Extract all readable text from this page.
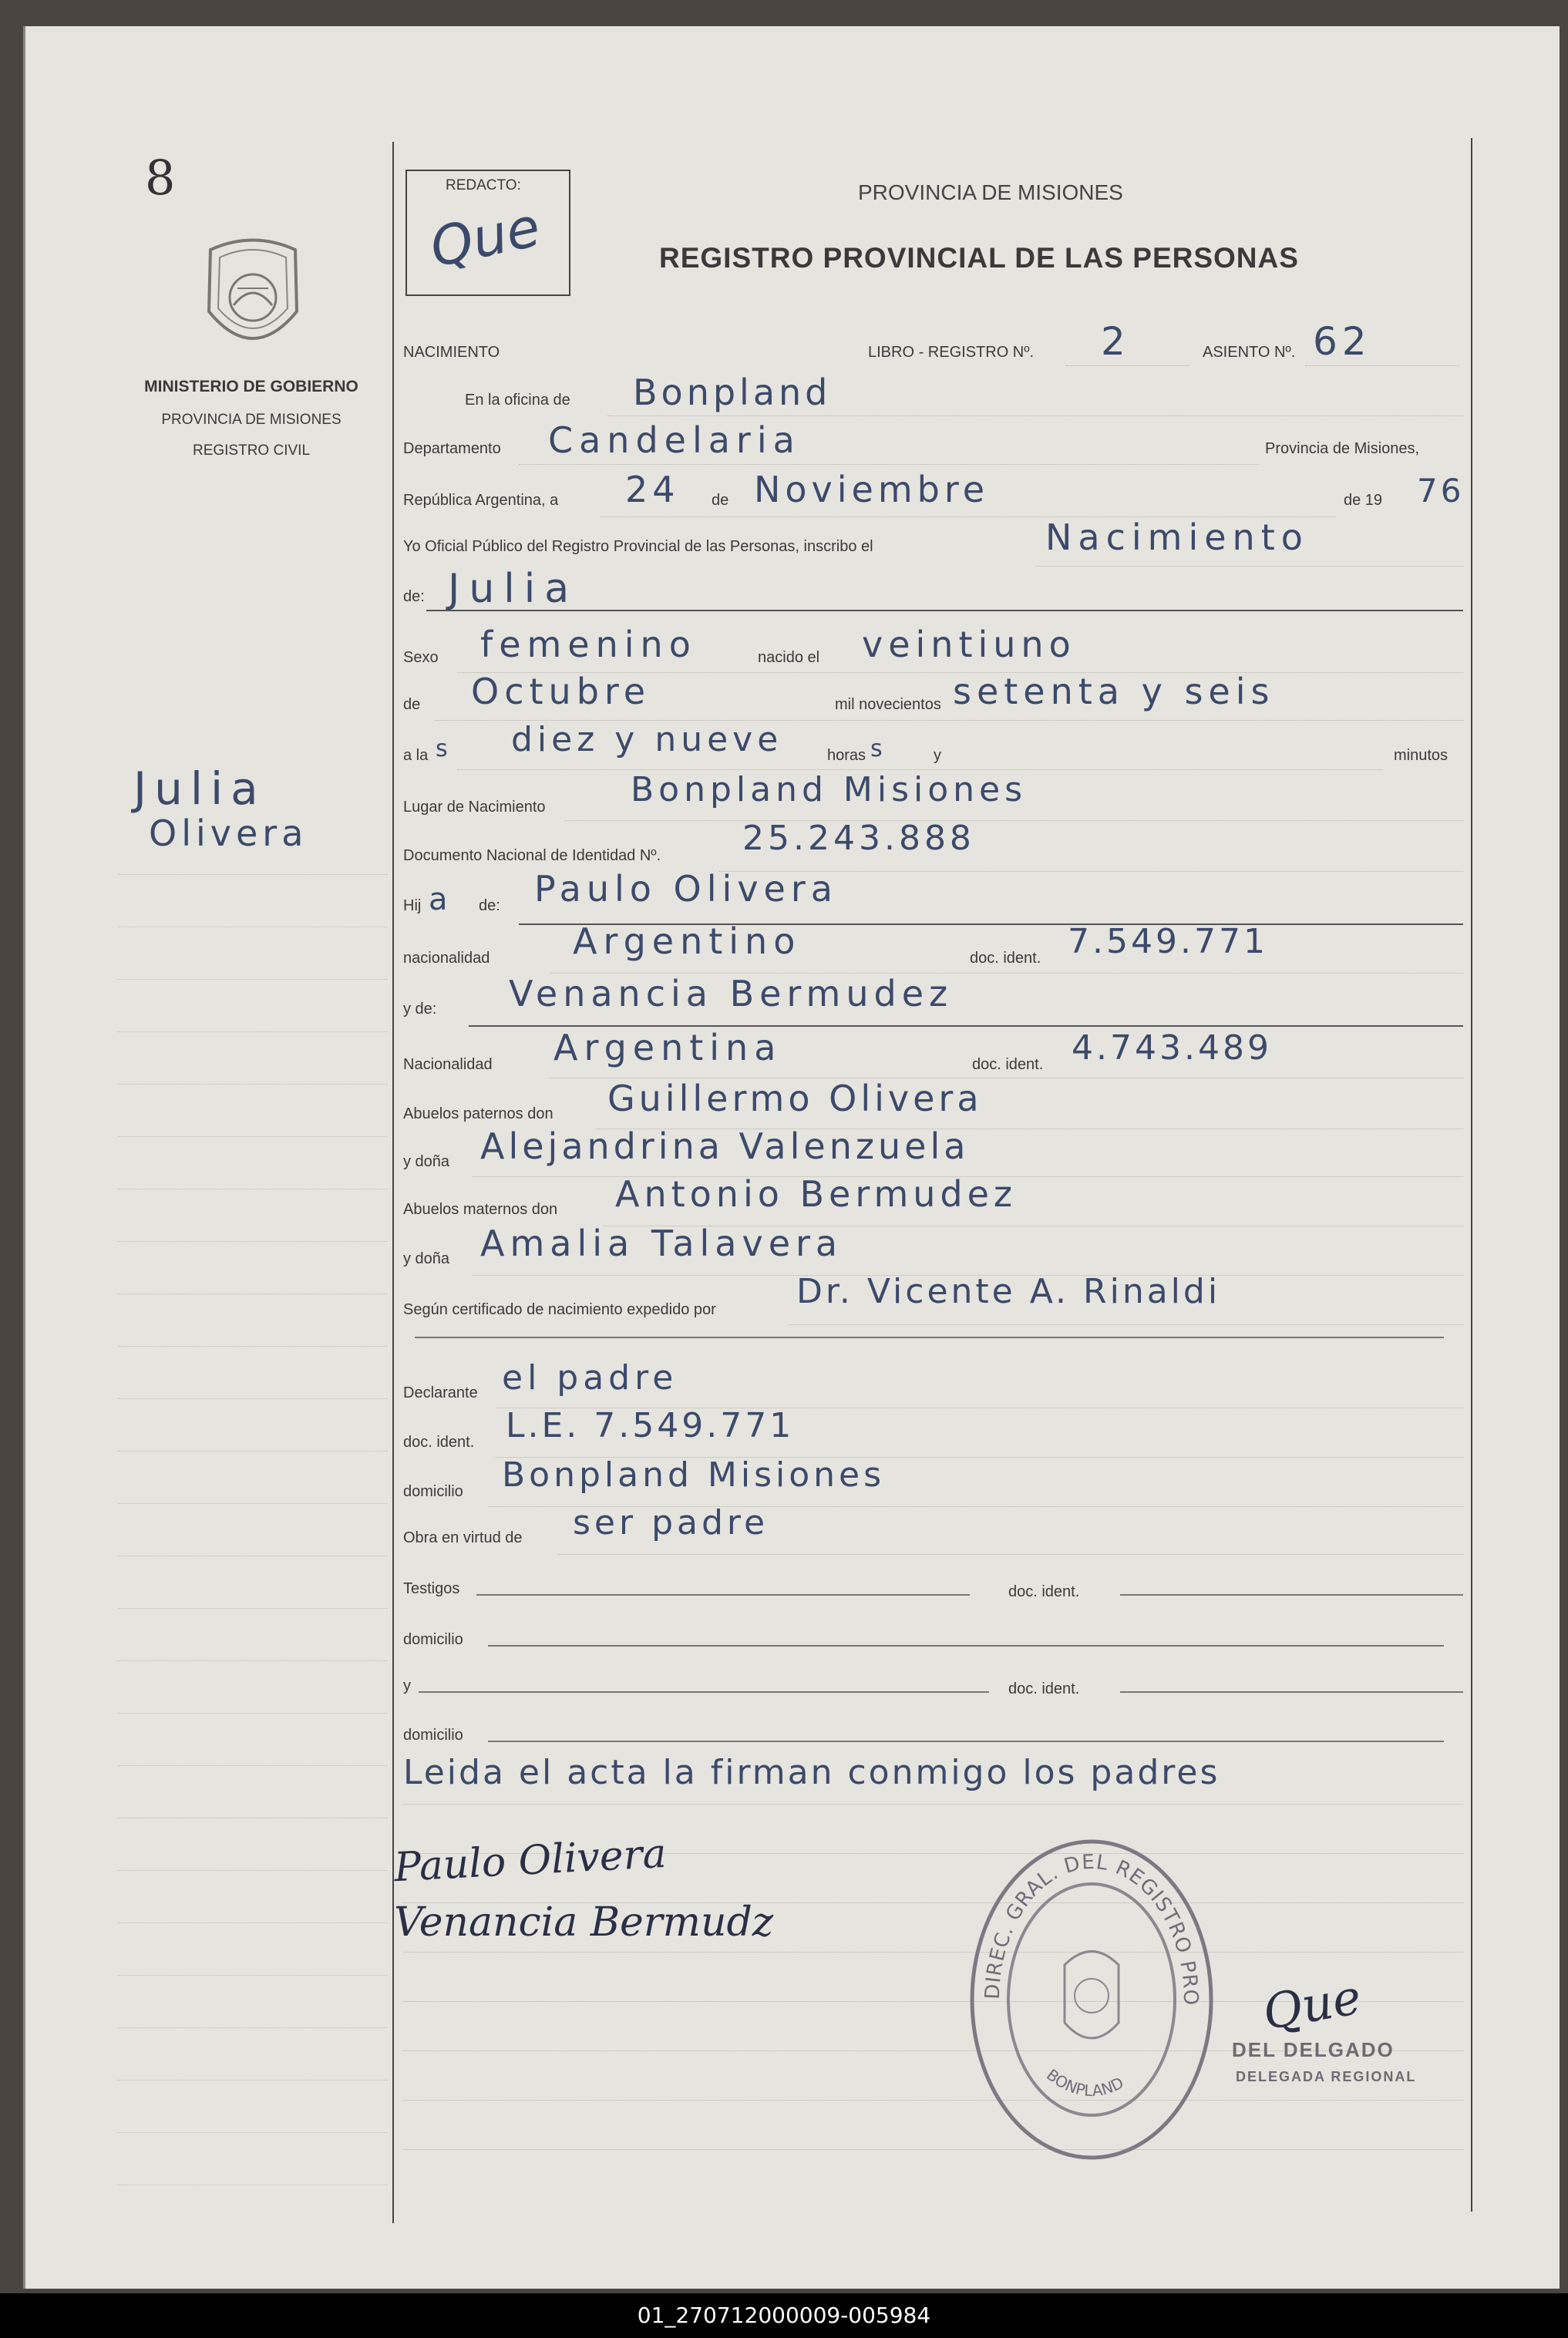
8
MINISTERIO DE GOBIERNO
PROVINCIA DE MISIONES
REGISTRO CIVIL
Julia
Olivera
REDACTO:
Que
PROVINCIA DE MISIONES
REGISTRO PROVINCIAL DE LAS PERSONAS
NACIMIENTO	LIBRO - REGISTRO Nº. 2	ASIENTO Nº. 62
En la oficina de Bonpland
Departamento Candelaria	Provincia de Misiones,
República Argentina, a 24 de Noviembre	de 19 76
Yo Oficial Público del Registro Provincial de las Personas, inscribo el	Nacimiento
de: Julia
Sexo femenino	nacido el veintiuno
de Octubre	mil novecientos setenta y seis
a la s diez y nueve	horas s	y	minutos
Lugar de Nacimiento	Bonpland Misiones
Documento Nacional de Identidad Nº. 25.243.888
Hij a de: Paulo Olivera
nacionalidad Argentino	doc. ident. 7.549.771
y de: Venancia Bermudez
Nacionalidad Argentina	doc. ident. 4.743.489
Abuelos paternos don Guillermo Olivera
y doña Alejandrina Valenzuela
Abuelos maternos don Antonio Bermudez
y doña Amalia Talavera
Según certificado de nacimiento expedido por Dr. Vicente A. Rinaldi
Declarante el padre
doc. ident. L.E. 7.549.771
domicilio Bonpland Misiones
Obra en virtud de ser padre
Testigos	doc. ident.
domicilio
y	doc. ident.
domicilio
Leida el acta la firman conmigo los padres
Paulo Olivera
Venancia Bermudz
DIREC. GRAL. DEL REGISTRO PRO
BONPLAND
Que
DEL DELGADO
DELEGADA REGIONAL
01_270712000009-005984
